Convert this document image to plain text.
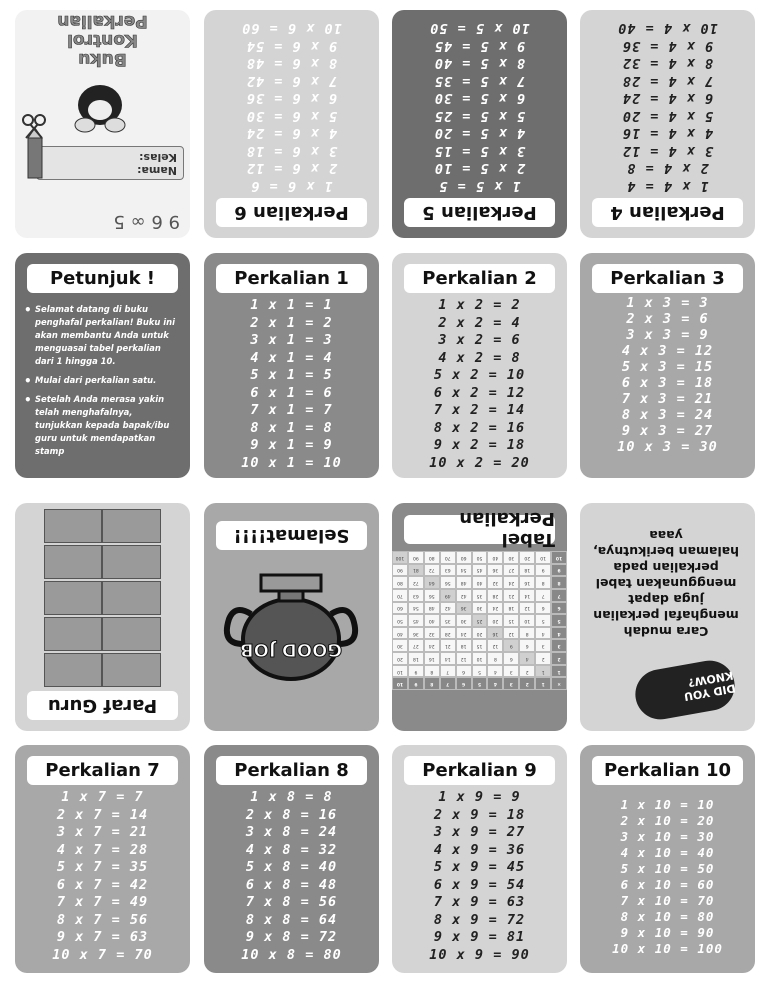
9 6 ∞ 5
Nama:
Kelas:
Buku
Kontrol
Perkalian
Perkalian 6
1 x 6 = 6
2 x 6 = 12
3 x 6 = 18
4 x 6 = 24
5 x 6 = 30
6 x 6 = 36
7 x 6 = 42
8 x 6 = 48
9 x 6 = 54
10 x 6 = 60
Perkalian 5
1 x 5 = 5
2 x 5 = 10
3 x 5 = 15
4 x 5 = 20
5 x 5 = 25
6 x 5 = 30
7 x 5 = 35
8 x 5 = 40
9 x 5 = 45
10 x 5 = 50
Perkalian 4
1 x 4 = 4
2 x 4 = 8
3 x 4 = 12
4 x 4 = 16
5 x 4 = 20
6 x 4 = 24
7 x 4 = 28
8 x 4 = 32
9 x 4 = 36
10 x 4 = 40
Petunjuk !
• Selamat datang di buku penghafal perkalian! Buku ini akan membantu Anda untuk menguasai tabel perkalian dari 1 hingga 10.
• Mulai dari perkalian satu.
• Setelah Anda merasa yakin telah menghafalnya, tunjukkan kepada bapak/ibu guru untuk mendapatkan stamp
Perkalian 1
1 x 1 = 1
2 x 1 = 2
3 x 1 = 3
4 x 1 = 4
5 x 1 = 5
6 x 1 = 6
7 x 1 = 7
8 x 1 = 8
9 x 1 = 9
10 x 1 = 10
Perkalian 2
1 x 2 = 2
2 x 2 = 4
3 x 2 = 6
4 x 2 = 8
5 x 2 = 10
6 x 2 = 12
7 x 2 = 14
8 x 2 = 16
9 x 2 = 18
10 x 2 = 20
Perkalian 3
1 x 3 = 3
2 x 3 = 6
3 x 3 = 9
4 x 3 = 12
5 x 3 = 15
6 x 3 = 18
7 x 3 = 21
8 x 3 = 24
9 x 3 = 27
10 x 3 = 30
Paraf Guru
GOOD JOB
Selamat!!!!	Tabel Perkalian
×
1
2
3
4
5
6
7
8
9
10
1
1
2
3
4
5
6
7
8
9
10
2
2
4
6
8
10
12
14
16
18
20
3
3
6
9
12
15
18
21
24
27
30
4
4
8
12
16
20
24
28
32
36
40
5
5
10
15
20
25
30
35
40
45
50
6
6
12
18
24
30
36
42
48
54
60
7
7
14
21
28
35
42
49
56
63
70
8
8
16
24
32
40
48
56
64
72
80
9
9
18
27
36
45
54
63
72
81
90
10
10
20
30
40
50
60
70
80
90
100
Cara mudah menghafal perkalian juga dapat menggunakan tabel perkalian pada halaman berikutnya, yaaa
DID YOU KNOW?
Perkalian 7
1 x 7 = 7
2 x 7 = 14
3 x 7 = 21
4 x 7 = 28
5 x 7 = 35
6 x 7 = 42
7 x 7 = 49
8 x 7 = 56
9 x 7 = 63
10 x 7 = 70
Perkalian 8
1 x 8 = 8
2 x 8 = 16
3 x 8 = 24
4 x 8 = 32
5 x 8 = 40
6 x 8 = 48
7 x 8 = 56
8 x 8 = 64
9 x 8 = 72
10 x 8 = 80
Perkalian 9
1 x 9 = 9
2 x 9 = 18
3 x 9 = 27
4 x 9 = 36
5 x 9 = 45
6 x 9 = 54
7 x 9 = 63
8 x 9 = 72
9 x 9 = 81
10 x 9 = 90
Perkalian 10
1 x 10 = 10
2 x 10 = 20
3 x 10 = 30
4 x 10 = 40
5 x 10 = 50
6 x 10 = 60
7 x 10 = 70
8 x 10 = 80
9 x 10 = 90
10 x 10 = 100
